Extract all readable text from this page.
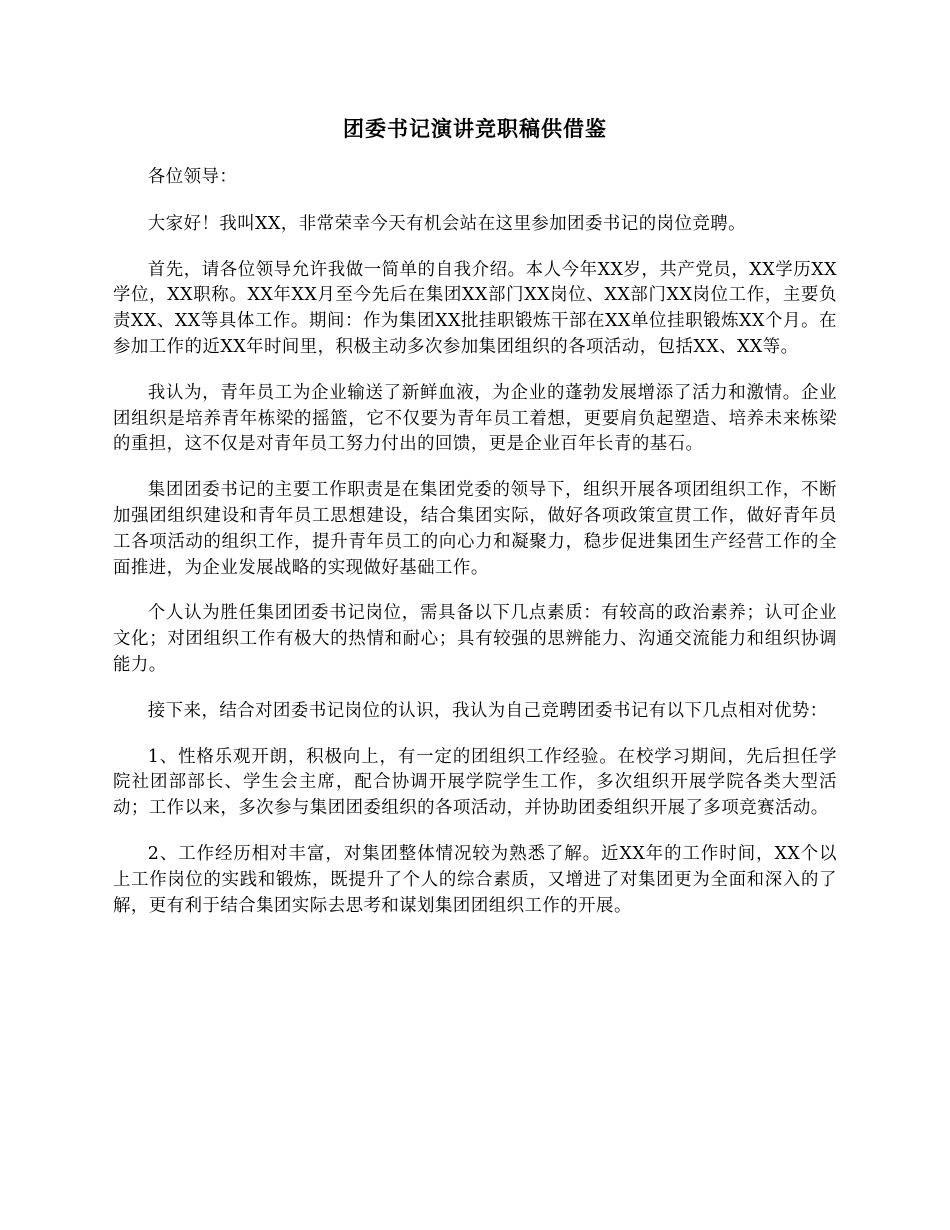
团委书记演讲竞职稿供借鉴

各位领导：

大家好！我叫XX，非常荣幸今天有机会站在这里参加团委书记的岗位竞聘。

首先，请各位领导允许我做一简单的自我介绍。本人今年XX岁，共产党员，XX学历XX学位，XX职称。XX年XX月至今先后在集团XX部门XX岗位、XX部门XX岗位工作，主要负责XX、XX等具体工作。期间：作为集团XX批挂职锻炼干部在XX单位挂职锻炼XX个月。在参加工作的近XX年时间里，积极主动多次参加集团组织的各项活动，包括XX、XX等。

我认为，青年员工为企业输送了新鲜血液，为企业的蓬勃发展增添了活力和激情。企业团组织是培养青年栋梁的摇篮，它不仅要为青年员工着想，更要肩负起塑造、培养未来栋梁的重担，这不仅是对青年员工努力付出的回馈，更是企业百年长青的基石。

集团团委书记的主要工作职责是在集团党委的领导下，组织开展各项团组织工作，不断加强团组织建设和青年员工思想建设，结合集团实际，做好各项政策宣贯工作，做好青年员工各项活动的组织工作，提升青年员工的向心力和凝聚力，稳步促进集团生产经营工作的全面推进，为企业发展战略的实现做好基础工作。

个人认为胜任集团团委书记岗位，需具备以下几点素质：有较高的政治素养；认可企业文化；对团组织工作有极大的热情和耐心；具有较强的思辨能力、沟通交流能力和组织协调能力。

接下来，结合对团委书记岗位的认识，我认为自己竞聘团委书记有以下几点相对优势：

1、性格乐观开朗，积极向上，有一定的团组织工作经验。在校学习期间，先后担任学院社团部部长、学生会主席，配合协调开展学院学生工作，多次组织开展学院各类大型活动；工作以来，多次参与集团团委组织的各项活动，并协助团委组织开展了多项竞赛活动。

2、工作经历相对丰富，对集团整体情况较为熟悉了解。近XX年的工作时间，XX个以上工作岗位的实践和锻炼，既提升了个人的综合素质，又增进了对集团更为全面和深入的了解，更有利于结合集团实际去思考和谋划集团团组织工作的开展。
